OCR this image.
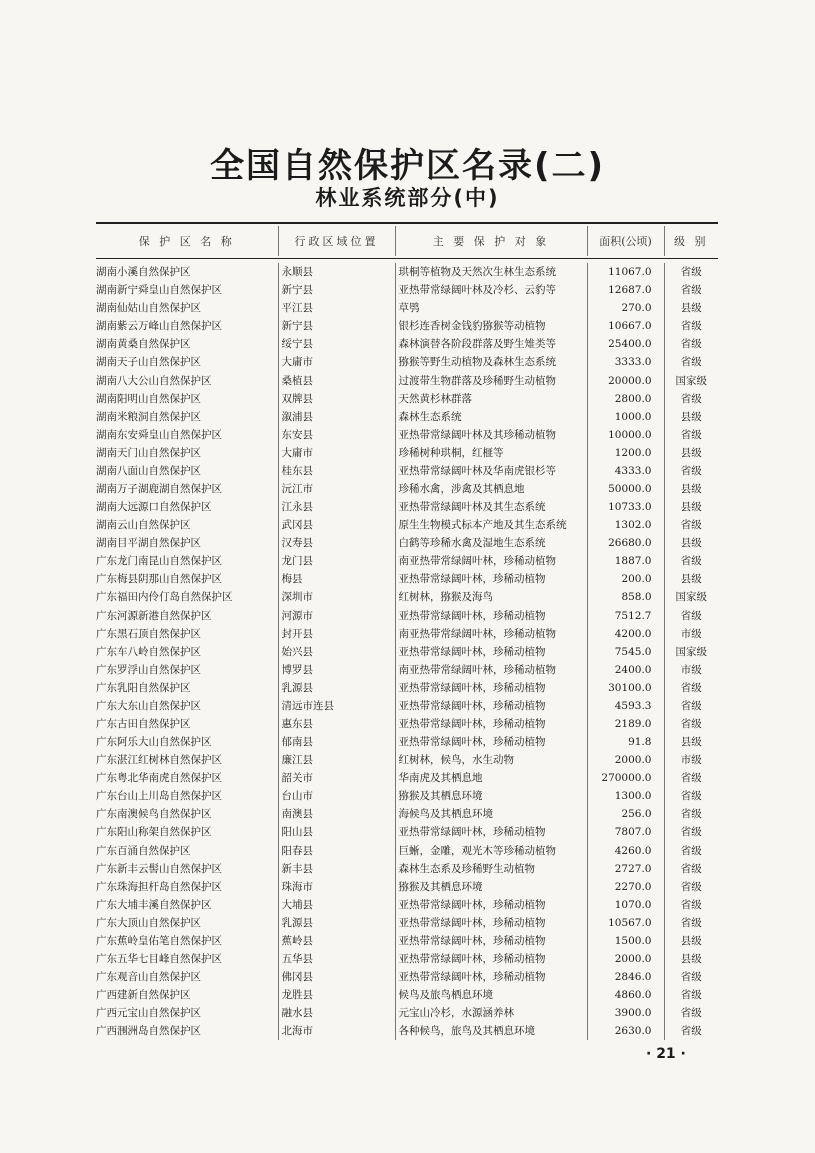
全国自然保护区名录(二)
林业系统部分(中)
保 护 区 名 称	行政区域位置	主 要 保 护 对 象	面积(公顷)	级 别
湖南小溪自然保护区	永顺县	珙桐等植物及天然次生林生态系统	11067.0	省级
湖南新宁舜皇山自然保护区	新宁县	亚热带常绿阔叶林及冷杉、云豹等	12687.0	省级
湖南仙姑山自然保护区	平江县	草鸮	270.0	县级
湖南紫云万峰山自然保护区	新宁县	银杉连香树金钱豹猕猴等动植物	10667.0	省级
湖南黄桑自然保护区	绥宁县	森林演替各阶段群落及野生雉类等	25400.0	省级
湖南天子山自然保护区	大庸市	猕猴等野生动植物及森林生态系统	3333.0	省级
湖南八大公山自然保护区	桑植县	过渡带生物群落及珍稀野生动植物	20000.0	国家级
湖南阳明山自然保护区	双牌县	天然黄杉林群落	2800.0	省级
湖南米粮洞自然保护区	溆浦县	森林生态系统	1000.0	县级
湖南东安舜皇山自然保护区	东安县	亚热带常绿阔叶林及其珍稀动植物	10000.0	省级
湖南天门山自然保护区	大庸市	珍稀树种珙桐，红榧等	1200.0	县级
湖南八面山自然保护区	桂东县	亚热带常绿阔叶林及华南虎银杉等	4333.0	省级
湖南万子湖鹿湖自然保护区	沅江市	珍稀水禽，涉禽及其栖息地	50000.0	县级
湖南大远源口自然保护区	江永县	亚热带常绿阔叶林及其生态系统	10733.0	县级
湖南云山自然保护区	武冈县	原生生物模式标本产地及其生态系统	1302.0	省级
湖南目平湖自然保护区	汉寿县	白鹤等珍稀水禽及湿地生态系统	26680.0	县级
广东龙门南昆山自然保护区	龙门县	南亚热带常绿阔叶林，珍稀动植物	1887.0	省级
广东梅县阴那山自然保护区	梅县	亚热带常绿阔叶林，珍稀动植物	200.0	县级
广东福田内伶仃岛自然保护区	深圳市	红树林，猕猴及海鸟	858.0	国家级
广东河源新港自然保护区	河源市	亚热带常绿阔叶林，珍稀动植物	7512.7	省级
广东黑石顶自然保护区	封开县	南亚热带常绿阔叶林，珍稀动植物	4200.0	市级
广东车八岭自然保护区	始兴县	亚热带常绿阔叶林，珍稀动植物	7545.0	国家级
广东罗浮山自然保护区	博罗县	南亚热带常绿阔叶林，珍稀动植物	2400.0	市级
广东乳阳自然保护区	乳源县	亚热带常绿阔叶林，珍稀动植物	30100.0	省级
广东大东山自然保护区	清远市连县	亚热带常绿阔叶林，珍稀动植物	4593.3	省级
广东古田自然保护区	惠东县	亚热带常绿阔叶林，珍稀动植物	2189.0	省级
广东阿乐大山自然保护区	郁南县	亚热带常绿阔叶林，珍稀动植物	91.8	县级
广东湛江红树林自然保护区	廉江县	红树林，候鸟，水生动物	2000.0	市级
广东粤北华南虎自然保护区	韶关市	华南虎及其栖息地	270000.0	省级
广东台山上川岛自然保护区	台山市	猕猴及其栖息环境	1300.0	省级
广东南澳候鸟自然保护区	南澳县	海候鸟及其栖息环境	256.0	省级
广东阳山称架自然保护区	阳山县	亚热带常绿阔叶林，珍稀动植物	7807.0	省级
广东百涌自然保护区	阳春县	巨蜥，金雕，观光木等珍稀动植物	4260.0	省级
广东新丰云髻山自然保护区	新丰县	森林生态系及珍稀野生动植物	2727.0	省级
广东珠海担杆岛自然保护区	珠海市	猕猴及其栖息环境	2270.0	省级
广东大埔丰溪自然保护区	大埔县	亚热带常绿阔叶林，珍稀动植物	1070.0	省级
广东大顶山自然保护区	乳源县	亚热带常绿阔叶林，珍稀动植物	10567.0	省级
广东蕉岭皇佑笔自然保护区	蕉岭县	亚热带常绿阔叶林，珍稀动植物	1500.0	县级
广东五华七目峰自然保护区	五华县	亚热带常绿阔叶林，珍稀动植物	2000.0	县级
广东观音山自然保护区	佛冈县	亚热带常绿阔叶林，珍稀动植物	2846.0	省级
广西建新自然保护区	龙胜县	候鸟及旅鸟栖息环境	4860.0	省级
广西元宝山自然保护区	融水县	元宝山冷杉，水源涵养林	3900.0	省级
广西涠洲岛自然保护区	北海市	各种候鸟，旅鸟及其栖息环境	2630.0	省级
· 21 ·
